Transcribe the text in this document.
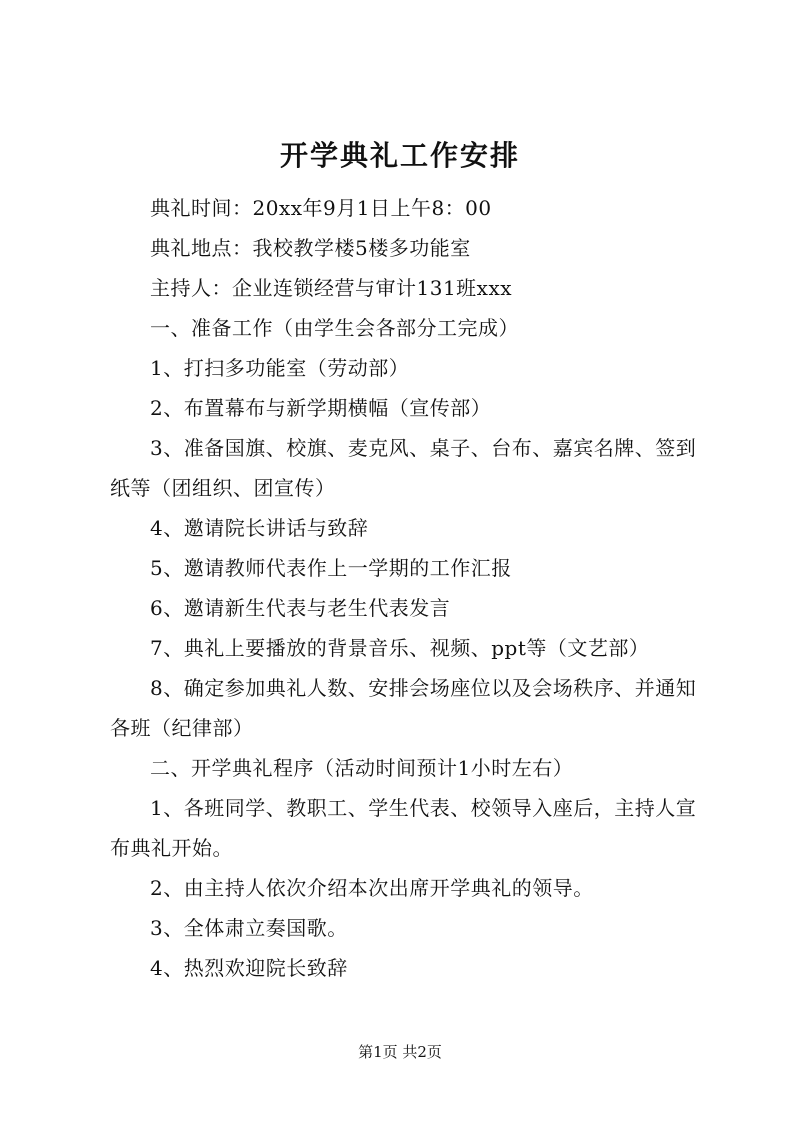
开学典礼工作安排

典礼时间：20xx年9月1日上午8：00

典礼地点：我校教学楼5楼多功能室

主持人：企业连锁经营与审计131班xxx

一、准备工作（由学生会各部分工完成）

1、打扫多功能室（劳动部）

2、布置幕布与新学期横幅（宣传部）

3、准备国旗、校旗、麦克风、桌子、台布、嘉宾名牌、签到纸等（团组织、团宣传）

4、邀请院长讲话与致辞

5、邀请教师代表作上一学期的工作汇报

6、邀请新生代表与老生代表发言

7、典礼上要播放的背景音乐、视频、ppt等（文艺部）

8、确定参加典礼人数、安排会场座位以及会场秩序、并通知各班（纪律部）

二、开学典礼程序（活动时间预计1小时左右）

1、各班同学、教职工、学生代表、校领导入座后，主持人宣布典礼开始。

2、由主持人依次介绍本次出席开学典礼的领导。

3、全体肃立奏国歌。

4、热烈欢迎院长致辞

第1页 共2页
